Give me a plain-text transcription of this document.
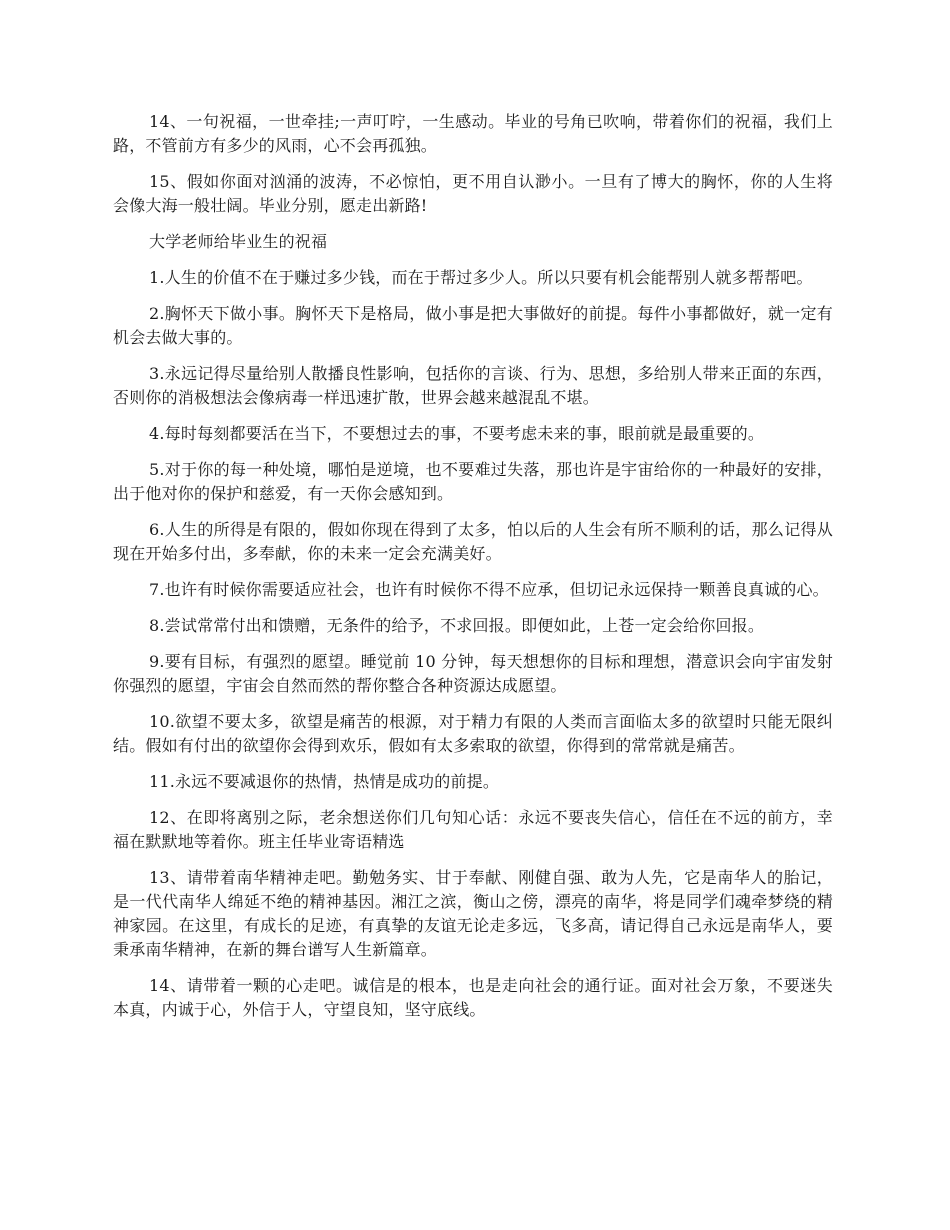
14、一句祝福，一世牵挂;一声叮咛，一生感动。毕业的号角已吹响，带着你们的祝福，我们上路，不管前方有多少的风雨，心不会再孤独。

15、假如你面对汹涌的波涛，不必惊怕，更不用自认渺小。一旦有了博大的胸怀，你的人生将会像大海一般壮阔。毕业分别，愿走出新路!

大学老师给毕业生的祝福

1.人生的价值不在于赚过多少钱，而在于帮过多少人。所以只要有机会能帮别人就多帮帮吧。

2.胸怀天下做小事。胸怀天下是格局，做小事是把大事做好的前提。每件小事都做好，就一定有机会去做大事的。

3.永远记得尽量给别人散播良性影响，包括你的言谈、行为、思想，多给别人带来正面的东西，否则你的消极想法会像病毒一样迅速扩散，世界会越来越混乱不堪。

4.每时每刻都要活在当下，不要想过去的事，不要考虑未来的事，眼前就是最重要的。

5.对于你的每一种处境，哪怕是逆境，也不要难过失落，那也许是宇宙给你的一种最好的安排，出于他对你的保护和慈爱，有一天你会感知到。

6.人生的所得是有限的，假如你现在得到了太多，怕以后的人生会有所不顺利的话，那么记得从现在开始多付出，多奉献，你的未来一定会充满美好。

7.也许有时候你需要适应社会，也许有时候你不得不应承，但切记永远保持一颗善良真诚的心。

8.尝试常常付出和馈赠，无条件的给予，不求回报。即便如此，上苍一定会给你回报。

9.要有目标，有强烈的愿望。睡觉前 10 分钟，每天想想你的目标和理想，潜意识会向宇宙发射你强烈的愿望，宇宙会自然而然的帮你整合各种资源达成愿望。

10.欲望不要太多，欲望是痛苦的根源，对于精力有限的人类而言面临太多的欲望时只能无限纠结。假如有付出的欲望你会得到欢乐，假如有太多索取的欲望，你得到的常常就是痛苦。

11.永远不要减退你的热情，热情是成功的前提。

12、在即将离别之际，老余想送你们几句知心话：永远不要丧失信心，信任在不远的前方，幸福在默默地等着你。班主任毕业寄语精选

13、请带着南华精神走吧。勤勉务实、甘于奉献、刚健自强、敢为人先，它是南华人的胎记，是一代代南华人绵延不绝的精神基因。湘江之滨，衡山之傍，漂亮的南华，将是同学们魂牵梦绕的精神家园。在这里，有成长的足迹，有真挚的友谊无论走多远，飞多高，请记得自己永远是南华人，要秉承南华精神，在新的舞台谱写人生新篇章。

14、请带着一颗的心走吧。诚信是的根本，也是走向社会的通行证。面对社会万象，不要迷失本真，内诚于心，外信于人，守望良知，坚守底线。
